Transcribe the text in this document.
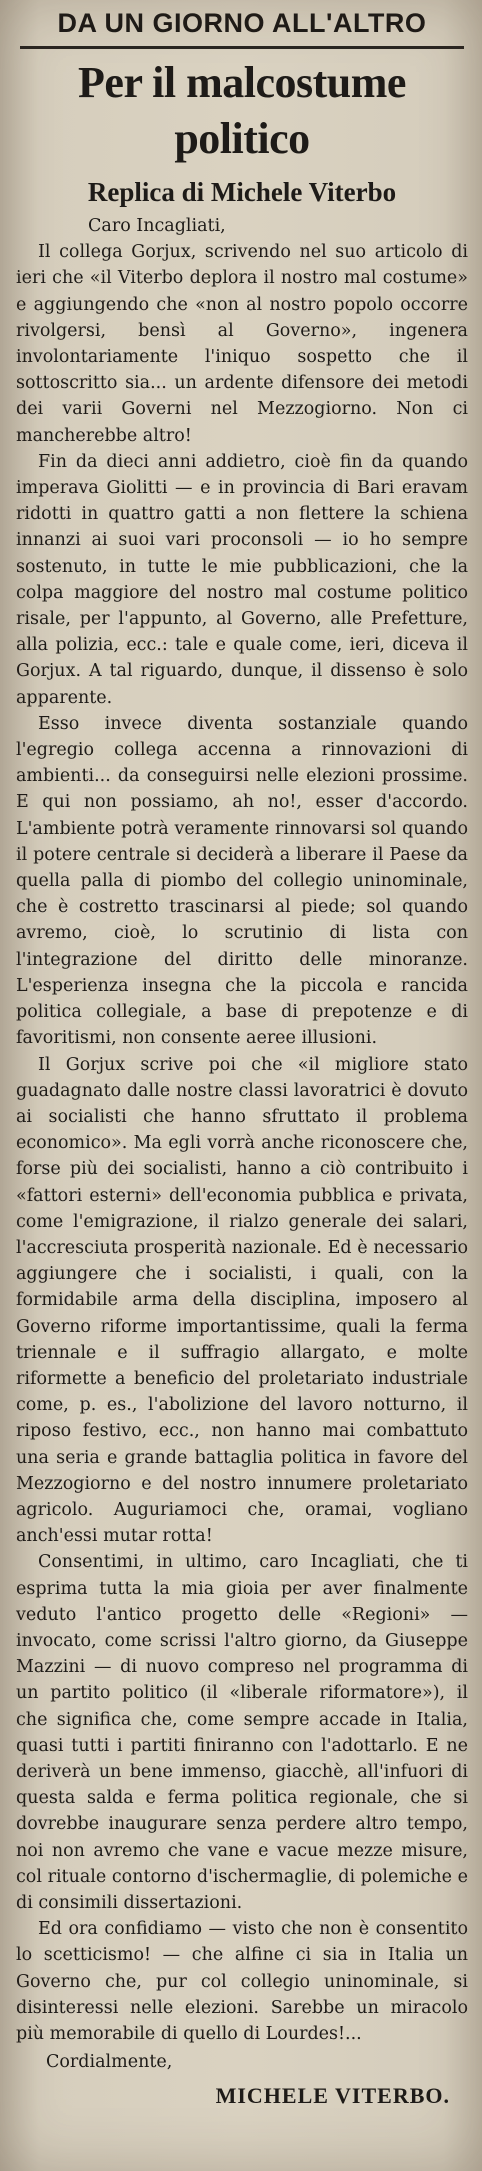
DA UN GIORNO ALL'ALTRO
Per il malcostume politico
Replica di Michele Viterbo
Caro Incagliati,

Il collega Gorjux, scrivendo nel suo articolo di ieri che «il Viterbo deplora il nostro mal costume» e aggiungendo che «non al nostro popolo occorre rivolgersi, bensì al Governo», ingenera involontariamente l'iniquo sospetto che il sottoscritto sia... un ardente difensore dei metodi dei varii Governi nel Mezzogiorno. Non ci mancherebbe altro!

Fin da dieci anni addietro, cioè fin da quando imperava Giolitti — e in provincia di Bari eravam ridotti in quattro gatti a non flettere la schiena innanzi ai suoi vari proconsoli — io ho sempre sostenuto, in tutte le mie pubblicazioni, che la colpa maggiore del nostro mal costume politico risale, per l'appunto, al Governo, alle Prefetture, alla polizia, ecc.: tale e quale come, ieri, diceva il Gorjux. A tal riguardo, dunque, il dissenso è solo apparente.

Esso invece diventa sostanziale quando l'egregio collega accenna a rinnovazioni di ambienti... da conseguirsi nelle elezioni prossime. E qui non possiamo, ah no!, esser d'accordo. L'ambiente potrà veramente rinnovarsi sol quando il potere centrale si deciderà a liberare il Paese da quella palla di piombo del collegio uninominale, che è costretto trascinarsi al piede; sol quando avremo, cioè, lo scrutinio di lista con l'integrazione del diritto delle minoranze. L'esperienza insegna che la piccola e rancida politica collegiale, a base di prepotenze e di favoritismi, non consente aeree illusioni.

Il Gorjux scrive poi che «il migliore stato guadagnato dalle nostre classi lavoratrici è dovuto ai socialisti che hanno sfruttato il problema economico». Ma egli vorrà anche riconoscere che, forse più dei socialisti, hanno a ciò contribuito i «fattori esterni» dell'economia pubblica e privata, come l'emigrazione, il rialzo generale dei salari, l'accresciuta prosperità nazionale. Ed è necessario aggiungere che i socialisti, i quali, con la formidabile arma della disciplina, imposero al Governo riforme importantissime, quali la ferma triennale e il suffragio allargato, e molte riformette a beneficio del proletariato industriale come, p. es., l'abolizione del lavoro notturno, il riposo festivo, ecc., non hanno mai combattuto una seria e grande battaglia politica in favore del Mezzogiorno e del nostro innumere proletariato agricolo. Auguriamoci che, oramai, vogliano anch'essi mutar rotta!

Consentimi, in ultimo, caro Incagliati, che ti esprima tutta la mia gioia per aver finalmente veduto l'antico progetto delle «Regioni» — invocato, come scrissi l'altro giorno, da Giuseppe Mazzini — di nuovo compreso nel programma di un partito politico (il «liberale riformatore»), il che significa che, come sempre accade in Italia, quasi tutti i partiti finiranno con l'adottarlo. E ne deriverà un bene immenso, giacchè, all'infuori di questa salda e ferma politica regionale, che si dovrebbe inaugurare senza perdere altro tempo, noi non avremo che vane e vacue mezze misure, col rituale contorno d'ischermaglie, di polemiche e di consimili dissertazioni.

Ed ora confidiamo — visto che non è consentito lo scetticismo! — che alfine ci sia in Italia un Governo che, pur col collegio uninominale, si disinteressi nelle elezioni. Sarebbe un miracolo più memorabile di quello di Lourdes!...

Cordialmente,
MICHELE VITERBO.
